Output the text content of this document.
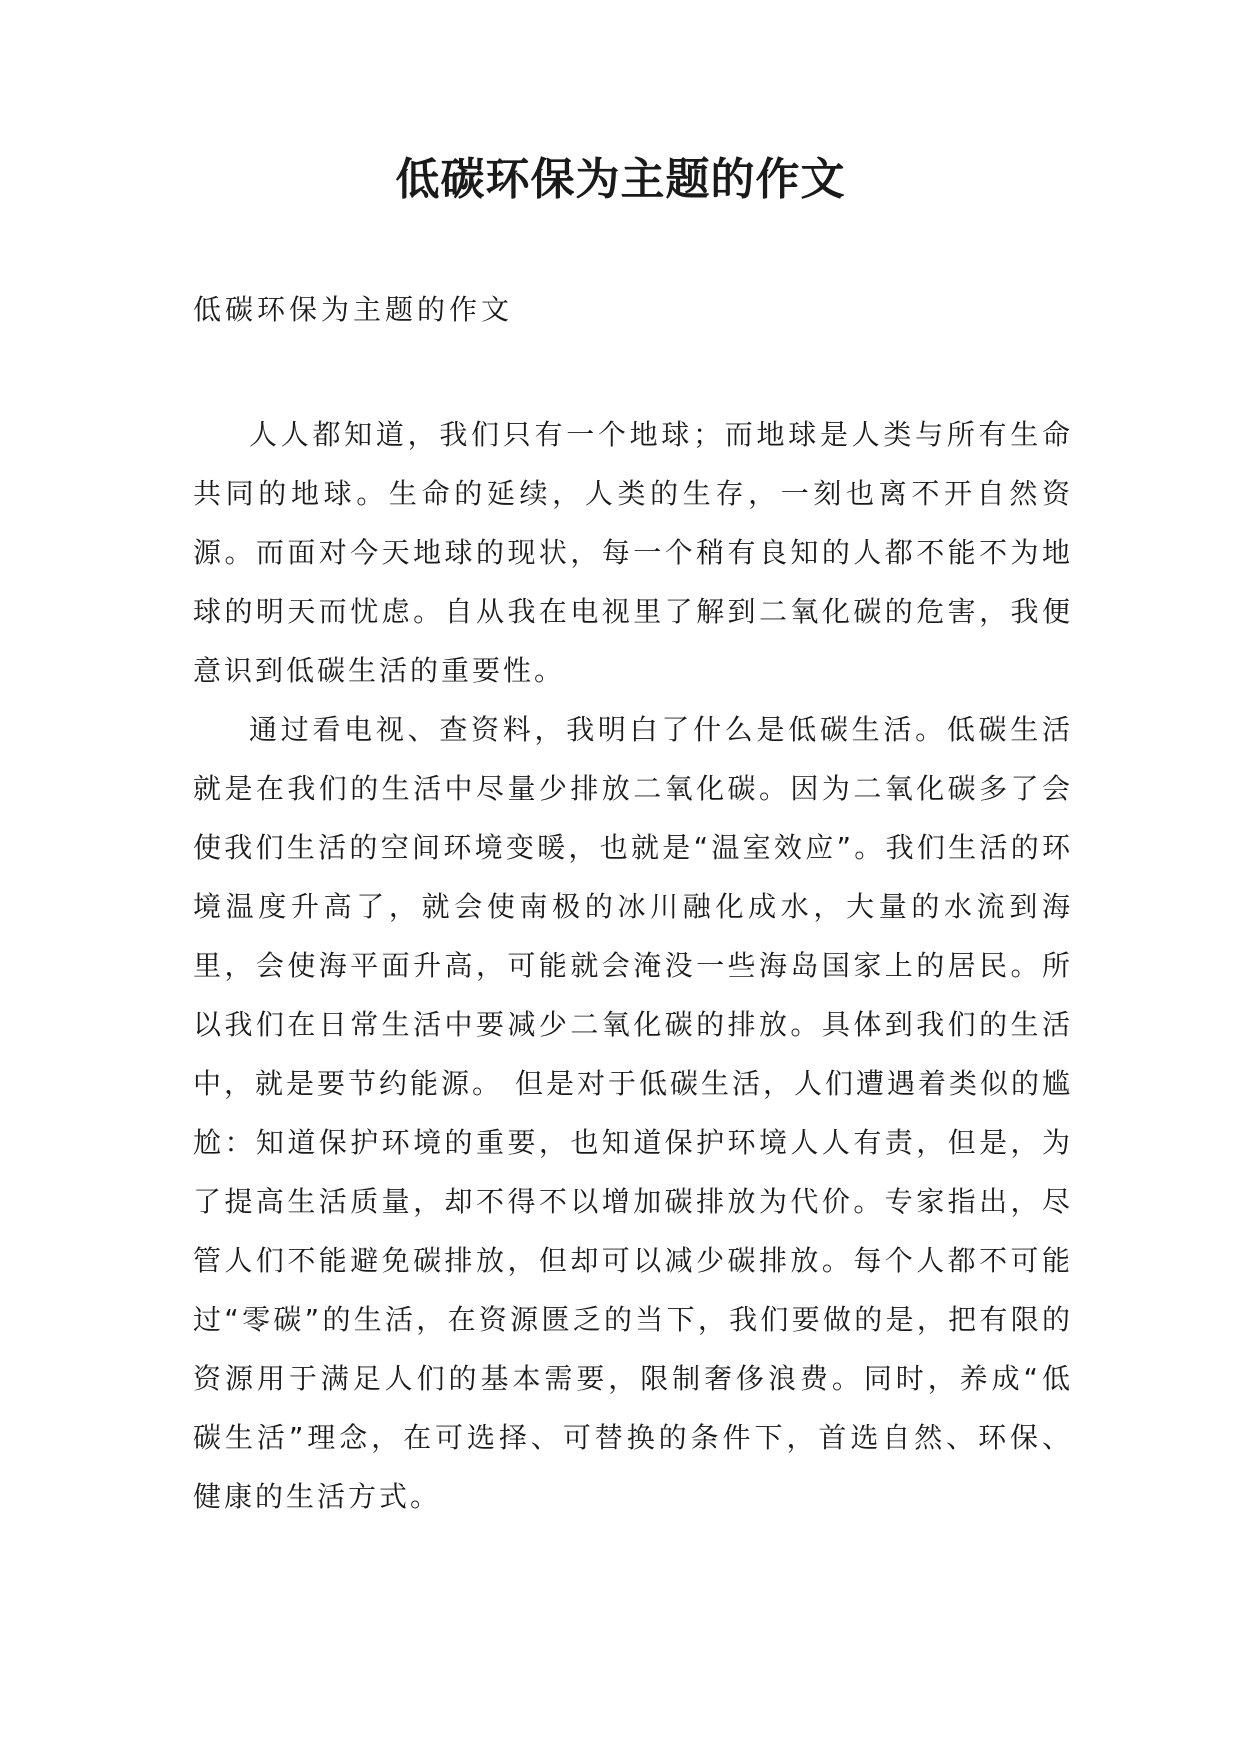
低碳环保为主题的作文

低碳环保为主题的作文

人人都知道，我们只有一个地球；而地球是人类与所有生命共同的地球。生命的延续，人类的生存，一刻也离不开自然资源。而面对今天地球的现状，每一个稍有良知的人都不能不为地球的明天而忧虑。自从我在电视里了解到二氧化碳的危害，我便意识到低碳生活的重要性。

通过看电视、查资料，我明白了什么是低碳生活。低碳生活就是在我们的生活中尽量少排放二氧化碳。因为二氧化碳多了会使我们生活的空间环境变暖，也就是“温室效应”。我们生活的环境温度升高了，就会使南极的冰川融化成水，大量的水流到海里，会使海平面升高，可能就会淹没一些海岛国家上的居民。所以我们在日常生活中要减少二氧化碳的排放。具体到我们的生活中，就是要节约能源。 但是对于低碳生活，人们遭遇着类似的尴尬：知道保护环境的重要，也知道保护环境人人有责，但是，为了提高生活质量，却不得不以增加碳排放为代价。专家指出，尽管人们不能避免碳排放，但却可以减少碳排放。每个人都不可能过“零碳”的生活，在资源匮乏的当下，我们要做的是，把有限的资源用于满足人们的基本需要，限制奢侈浪费。同时，养成“低碳生活”理念，在可选择、可替换的条件下，首选自然、环保、健康的生活方式。
